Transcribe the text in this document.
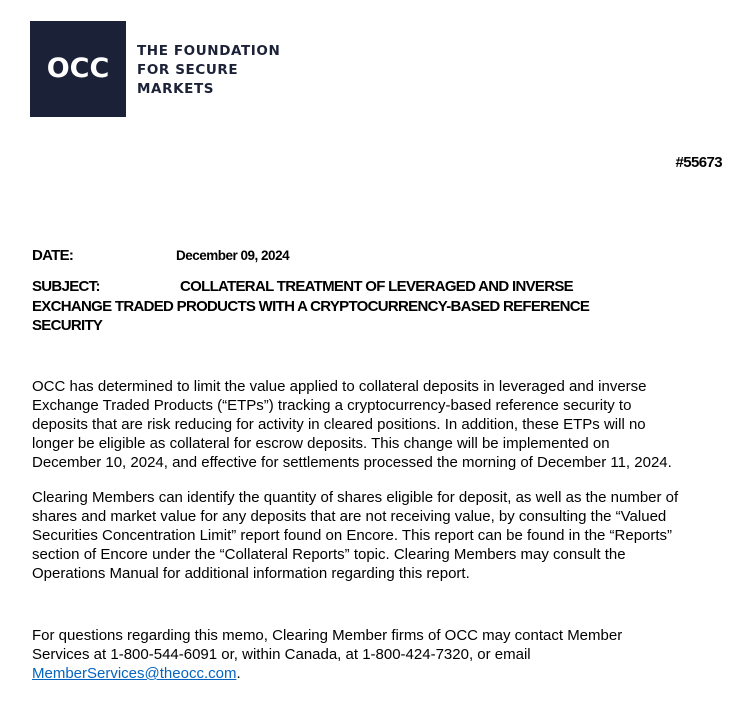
OCC
THE FOUNDATION
FOR SECURE
MARKETS
#55673
DATE:	December 09, 2024
SUBJECT:	COLLATERAL TREATMENT OF LEVERAGED AND INVERSE
EXCHANGE TRADED PRODUCTS WITH A CRYPTOCURRENCY-BASED REFERENCE
SECURITY
OCC has determined to limit the value applied to collateral deposits in leveraged and inverse
Exchange Traded Products (“ETPs”) tracking a cryptocurrency-based reference security to
deposits that are risk reducing for activity in cleared positions. In addition, these ETPs will no
longer be eligible as collateral for escrow deposits. This change will be implemented on
December 10, 2024, and effective for settlements processed the morning of December 11, 2024.
Clearing Members can identify the quantity of shares eligible for deposit, as well as the number of
shares and market value for any deposits that are not receiving value, by consulting the “Valued
Securities Concentration Limit” report found on Encore. This report can be found in the “Reports”
section of Encore under the “Collateral Reports” topic. Clearing Members may consult the
Operations Manual for additional information regarding this report.
For questions regarding this memo, Clearing Member firms of OCC may contact Member
Services at 1-800-544-6091 or, within Canada, at 1-800-424-7320, or email
MemberServices@theocc.com.
